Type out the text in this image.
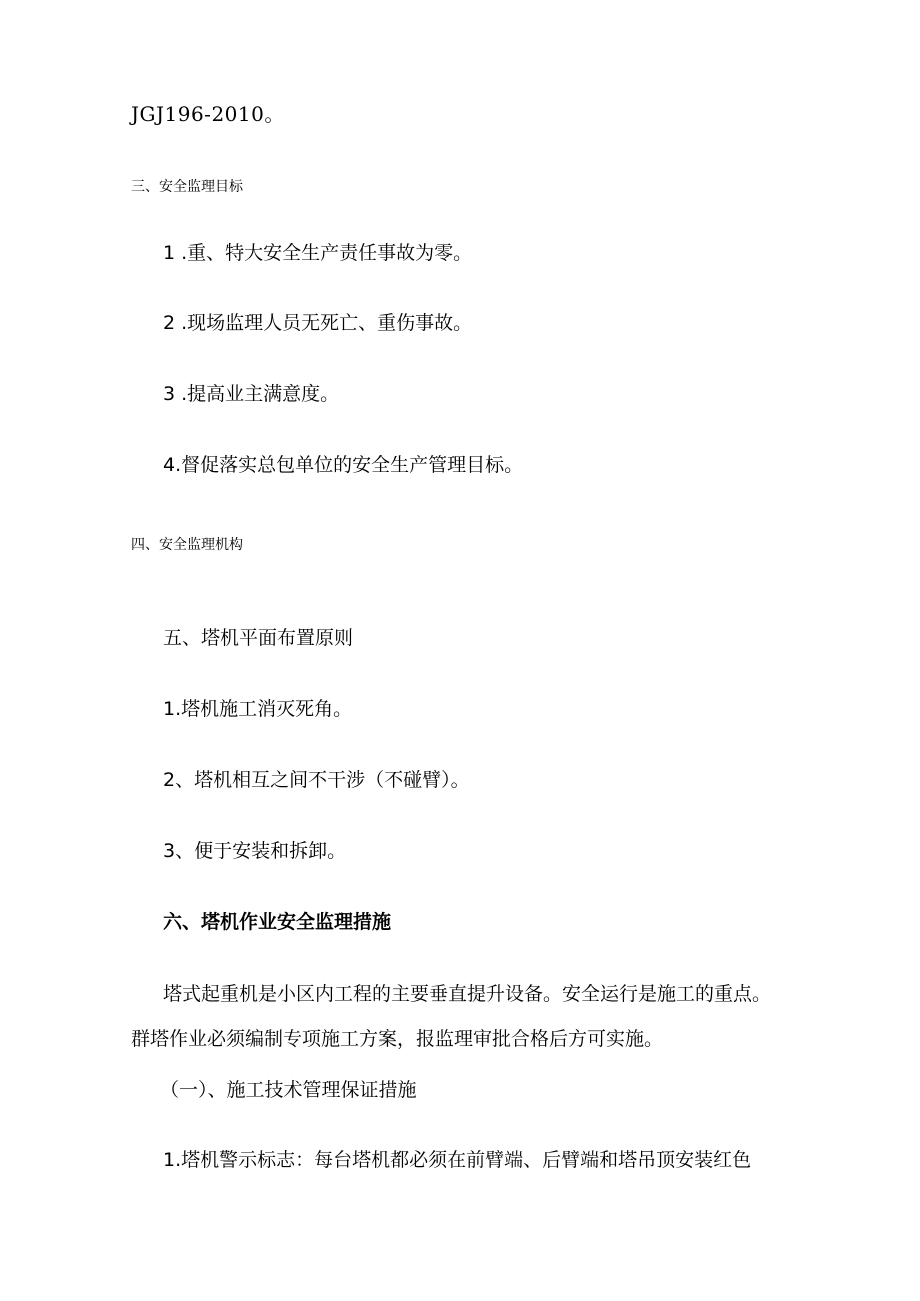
JGJ196-2010。
三、安全监理目标
1 .重、特大安全生产责任事故为零。
2 .现场监理人员无死亡、重伤事故。
3 .提高业主满意度。
4.督促落实总包单位的安全生产管理目标。
四、安全监理机构
五、塔机平面布置原则
1.塔机施工消灭死角。
2、塔机相互之间不干涉（不碰臂）。
3、便于安装和拆卸。
六、塔机作业安全监理措施
塔式起重机是小区内工程的主要垂直提升设备。安全运行是施工的重点。
群塔作业必须编制专项施工方案，报监理审批合格后方可实施。
（一）、施工技术管理保证措施
1.塔机警示标志：每台塔机都必须在前臂端、后臂端和塔吊顶安装红色
